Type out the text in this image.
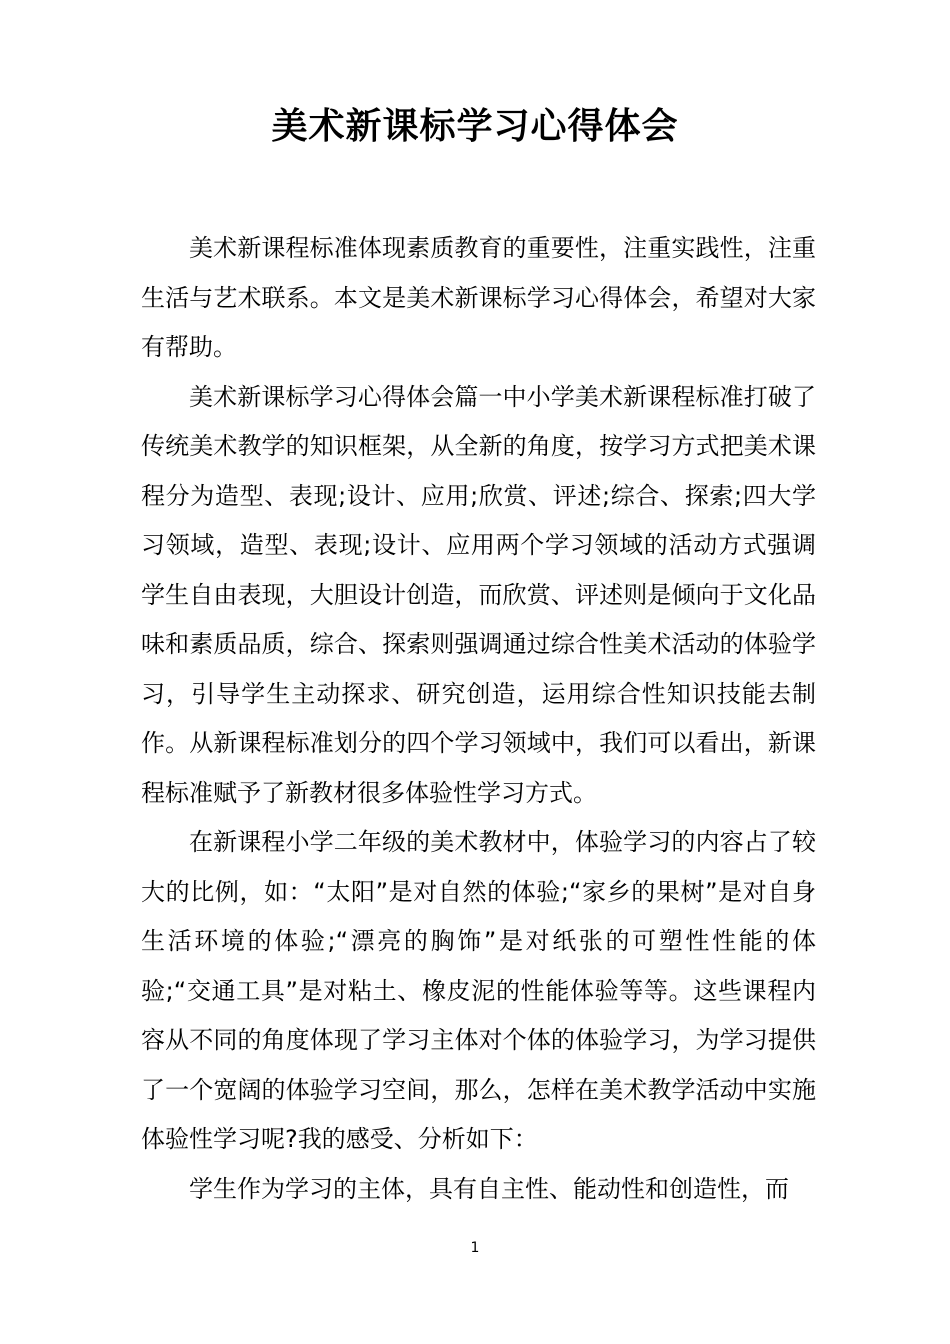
美术新课标学习心得体会

美术新课程标准体现素质教育的重要性，注重实践性，注重生活与艺术联系。本文是美术新课标学习心得体会，希望对大家有帮助。

美术新课标学习心得体会篇一中小学美术新课程标准打破了传统美术教学的知识框架，从全新的角度，按学习方式把美术课程分为造型、表现;设计、应用;欣赏、评述;综合、探索;四大学习领域，造型、表现;设计、应用两个学习领域的活动方式强调学生自由表现，大胆设计创造，而欣赏、评述则是倾向于文化品味和素质品质，综合、探索则强调通过综合性美术活动的体验学习，引导学生主动探求、研究创造，运用综合性知识技能去制作。从新课程标准划分的四个学习领域中，我们可以看出，新课程标准赋予了新教材很多体验性学习方式。

在新课程小学二年级的美术教材中，体验学习的内容占了较大的比例，如：“太阳”是对自然的体验;“家乡的果树”是对自身生活环境的体验;“漂亮的胸饰”是对纸张的可塑性性能的体验;“交通工具”是对粘土、橡皮泥的性能体验等等。这些课程内容从不同的角度体现了学习主体对个体的体验学习，为学习提供了一个宽阔的体验学习空间，那么，怎样在美术教学活动中实施体验性学习呢?我的感受、分析如下：

学生作为学习的主体，具有自主性、能动性和创造性，而

1
